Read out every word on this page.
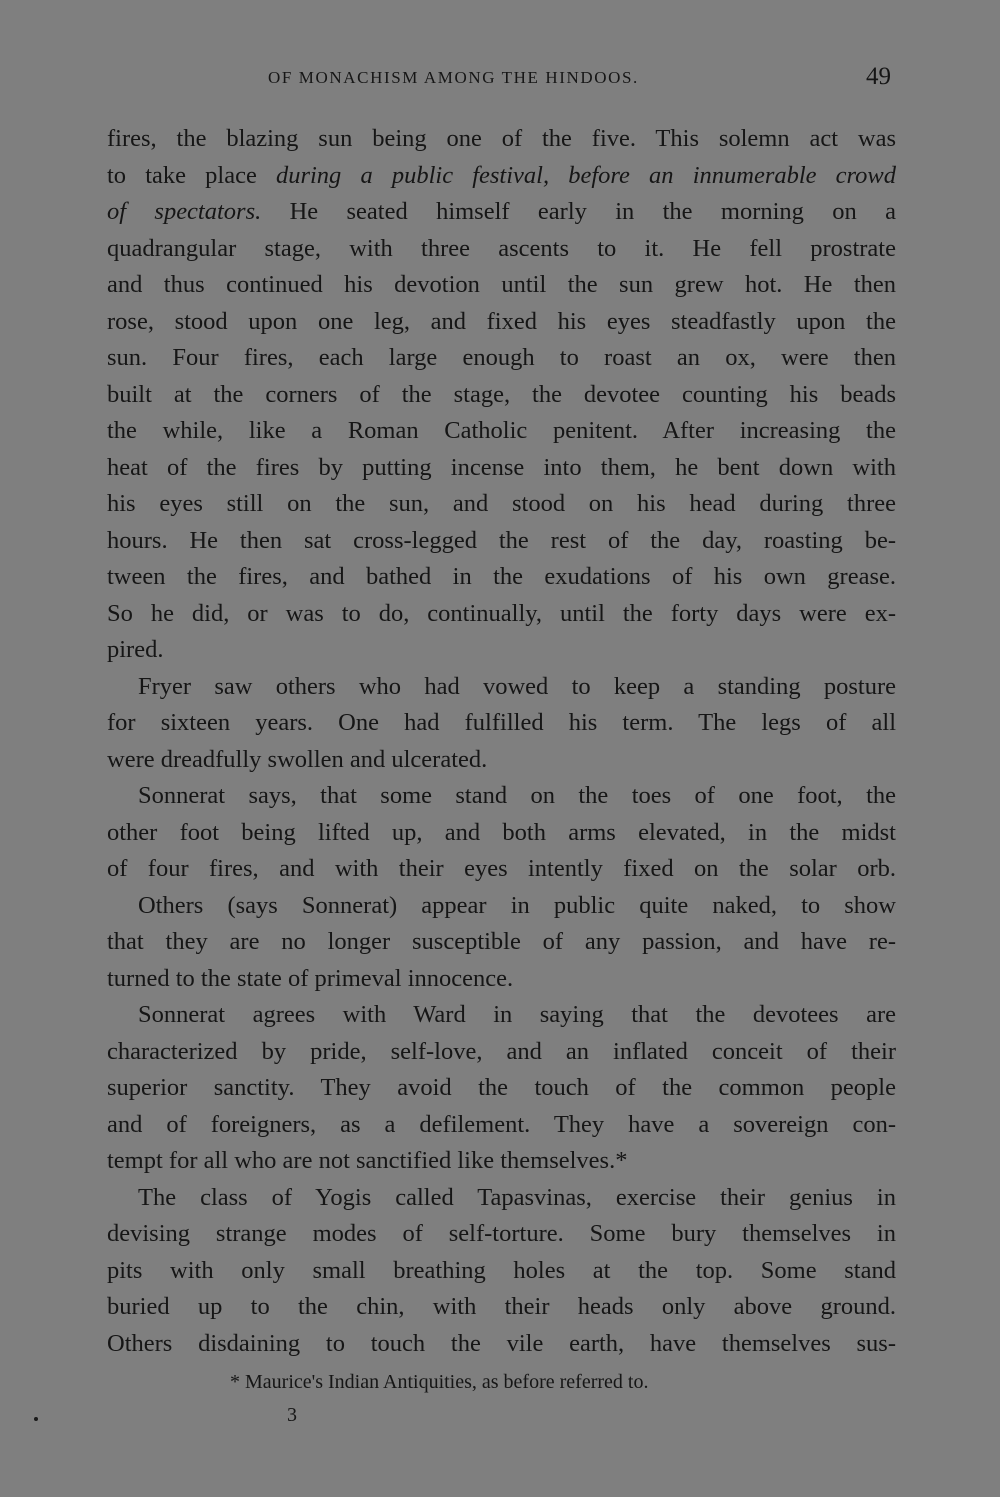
OF MONACHISM AMONG THE HINDOOS.	49
fires, the blazing sun being one of the five. This solemn act was
to take place during a public festival, before an innumerable crowd
of spectators. He seated himself early in the morning on a
quadrangular stage, with three ascents to it. He fell prostrate
and thus continued his devotion until the sun grew hot. He then
rose, stood upon one leg, and fixed his eyes steadfastly upon the
sun. Four fires, each large enough to roast an ox, were then
built at the corners of the stage, the devotee counting his beads
the while, like a Roman Catholic penitent. After increasing the
heat of the fires by putting incense into them, he bent down with
his eyes still on the sun, and stood on his head during three
hours. He then sat cross-legged the rest of the day, roasting be-
tween the fires, and bathed in the exudations of his own grease.
So he did, or was to do, continually, until the forty days were ex-
pired.
Fryer saw others who had vowed to keep a standing posture
for sixteen years. One had fulfilled his term. The legs of all
were dreadfully swollen and ulcerated.
Sonnerat says, that some stand on the toes of one foot, the
other foot being lifted up, and both arms elevated, in the midst
of four fires, and with their eyes intently fixed on the solar orb.
Others (says Sonnerat) appear in public quite naked, to show
that they are no longer susceptible of any passion, and have re-
turned to the state of primeval innocence.
Sonnerat agrees with Ward in saying that the devotees are
characterized by pride, self-love, and an inflated conceit of their
superior sanctity. They avoid the touch of the common people
and of foreigners, as a defilement. They have a sovereign con-
tempt for all who are not sanctified like themselves.*
The class of Yogis called Tapasvinas, exercise their genius in
devising strange modes of self-torture. Some bury themselves in
pits with only small breathing holes at the top. Some stand
buried up to the chin, with their heads only above ground.
Others disdaining to touch the vile earth, have themselves sus-
* Maurice's Indian Antiquities, as before referred to.
3
